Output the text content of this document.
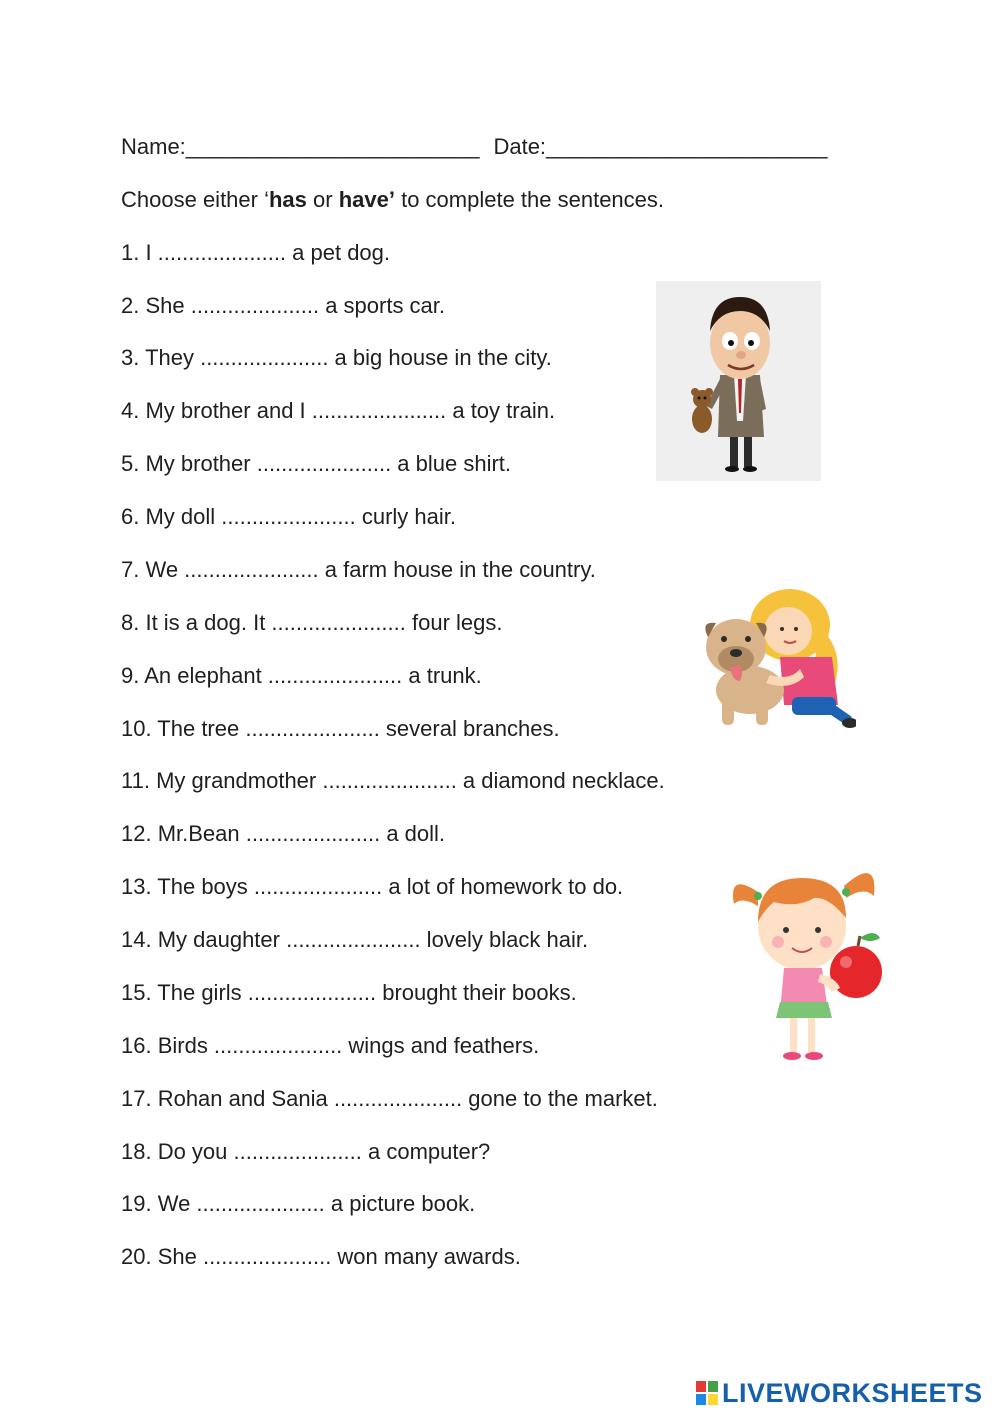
Name:________________________ Date:_______________________
Choose either ‘has or have’ to complete the sentences.
1. I ..................... a pet dog.
2. She ..................... a sports car.
3. They ..................... a big house in the city.
4. My brother and I ...................... a toy train.
5. My brother ...................... a blue shirt.
6. My doll ...................... curly hair.
7. We ...................... a farm house in the country.
8. It is a dog. It ...................... four legs.
9. An elephant ...................... a trunk.
10. The tree ...................... several branches.
11. My grandmother ...................... a diamond necklace.
12. Mr.Bean ...................... a doll.
13. The boys ..................... a lot of homework to do.
14. My daughter ...................... lovely black hair.
15. The girls ..................... brought their books.
16. Birds ..................... wings and feathers.
17. Rohan and Sania ..................... gone to the market.
18. Do you ..................... a computer?
19. We ..................... a picture book.
20. She ..................... won many awards.
LIVEWORKSHEETS
